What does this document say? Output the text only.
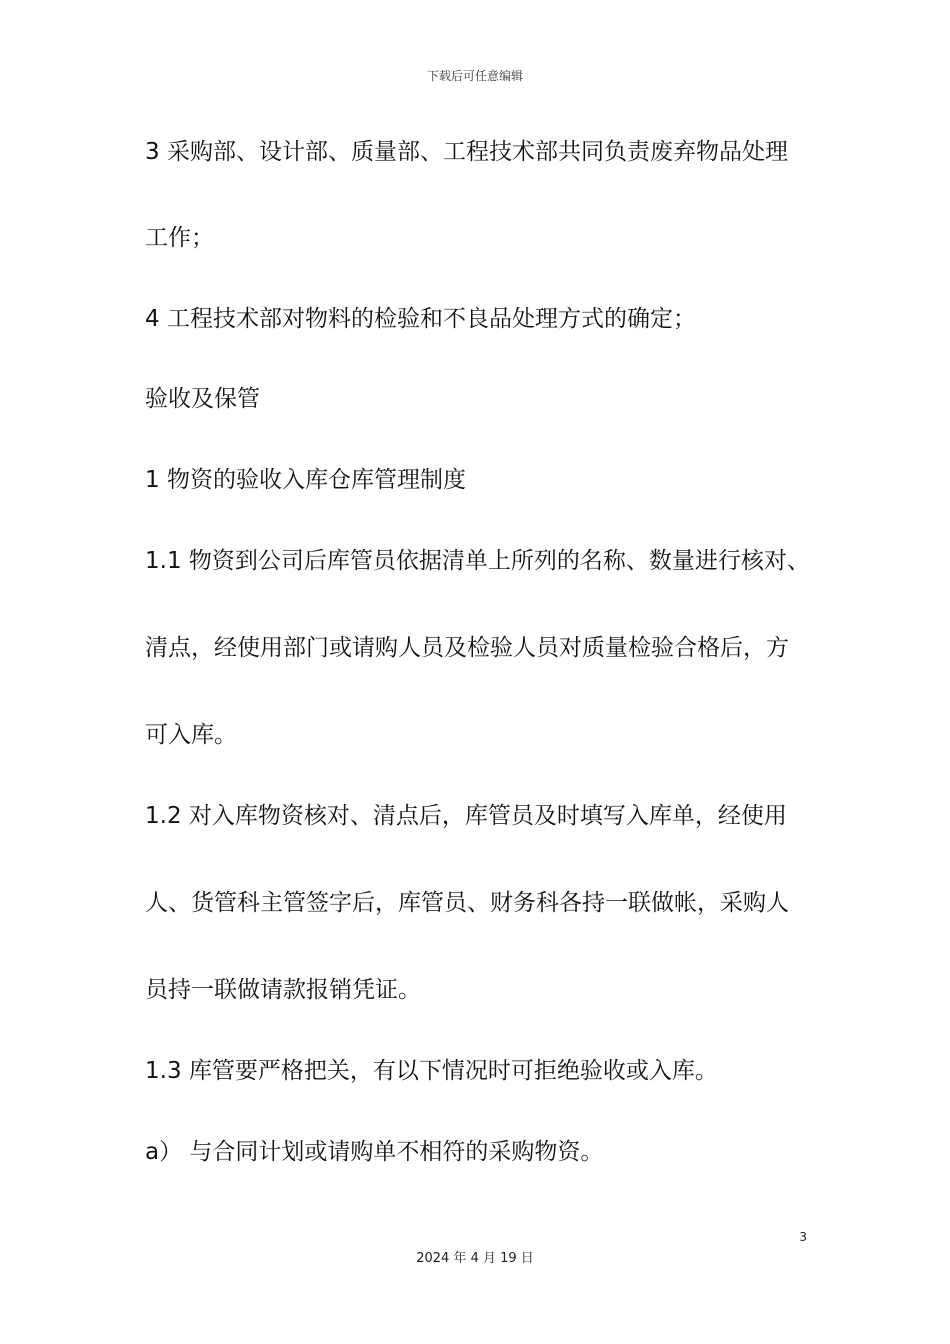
下载后可任意编辑
3 采购部、设计部、质量部、工程技术部共同负责废弃物品处理
工作；
4 工程技术部对物料的检验和不良品处理方式的确定；
验收及保管
1 物资的验收入库仓库管理制度
1.1 物资到公司后库管员依据清单上所列的名称、数量进行核对、
清点，经使用部门或请购人员及检验人员对质量检验合格后，方
可入库。
1.2 对入库物资核对、清点后，库管员及时填写入库单，经使用
人、货管科主管签字后，库管员、财务科各持一联做帐，采购人
员持一联做请款报销凭证。
1.3 库管要严格把关，有以下情况时可拒绝验收或入库。
a） 与合同计划或请购单不相符的采购物资。
3
2024 年 4 月 19 日
